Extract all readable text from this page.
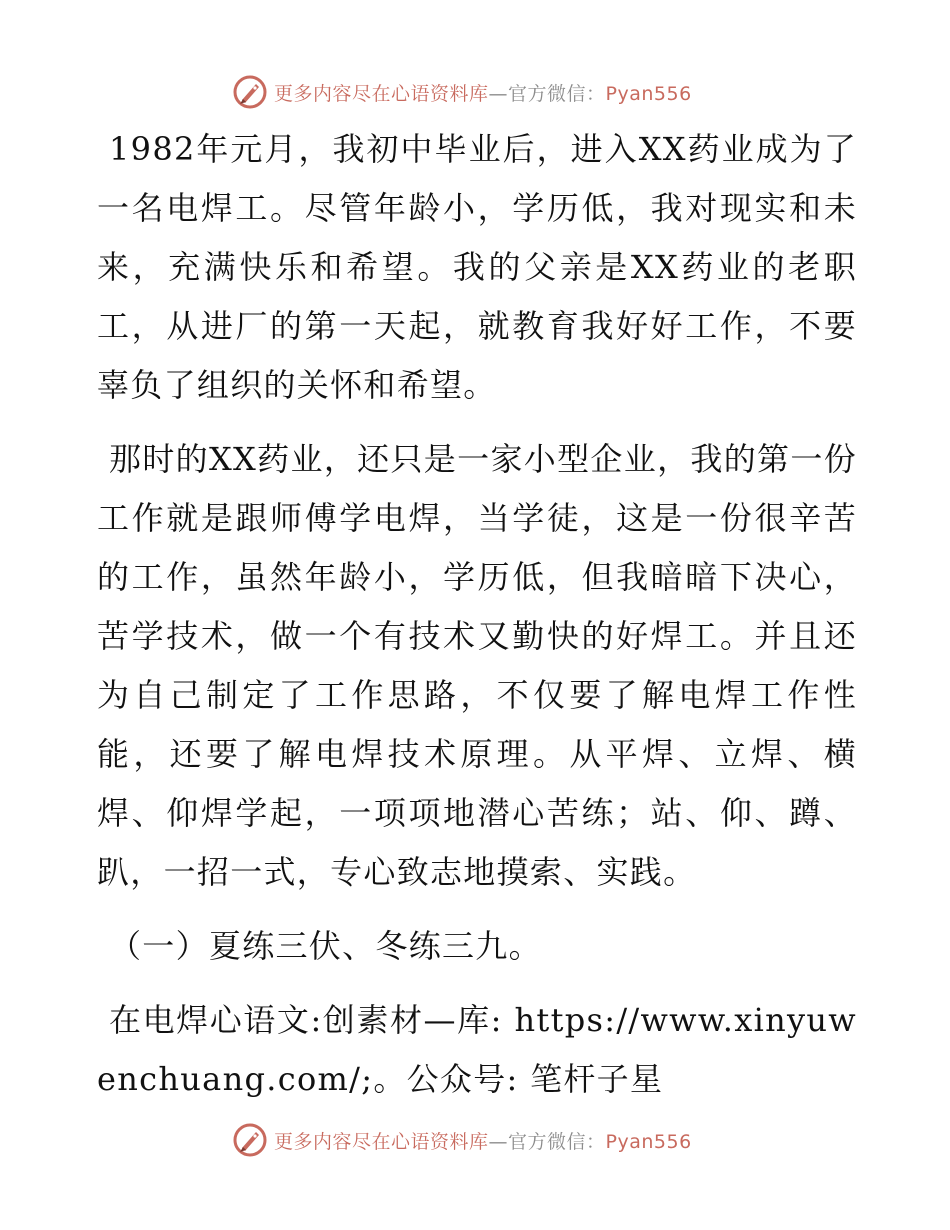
更多内容尽在心语资料库—官方微信：Pyan556

1982年元月，我初中毕业后，进入XX药业成为了一名电焊工。尽管年龄小，学历低，我对现实和未来，充满快乐和希望。我的父亲是XX药业的老职工，从进厂的第一天起，就教育我好好工作，不要辜负了组织的关怀和希望。

那时的XX药业，还只是一家小型企业，我的第一份工作就是跟师傅学电焊，当学徒，这是一份很辛苦的工作，虽然年龄小，学历低，但我暗暗下决心，苦学技术，做一个有技术又勤快的好焊工。并且还为自己制定了工作思路，不仅要了解电焊工作性能，还要了解电焊技术原理。从平焊、立焊、横焊、仰焊学起，一项项地潜心苦练；站、仰、蹲、趴，一招一式，专心致志地摸索、实践。

（一）夏练三伏、冬练三九。

在电焊心语文:创素材—库: https://www.xinyuwenchuang.com/;。公众号: 笔杆子星

更多内容尽在心语资料库—官方微信：Pyan556
